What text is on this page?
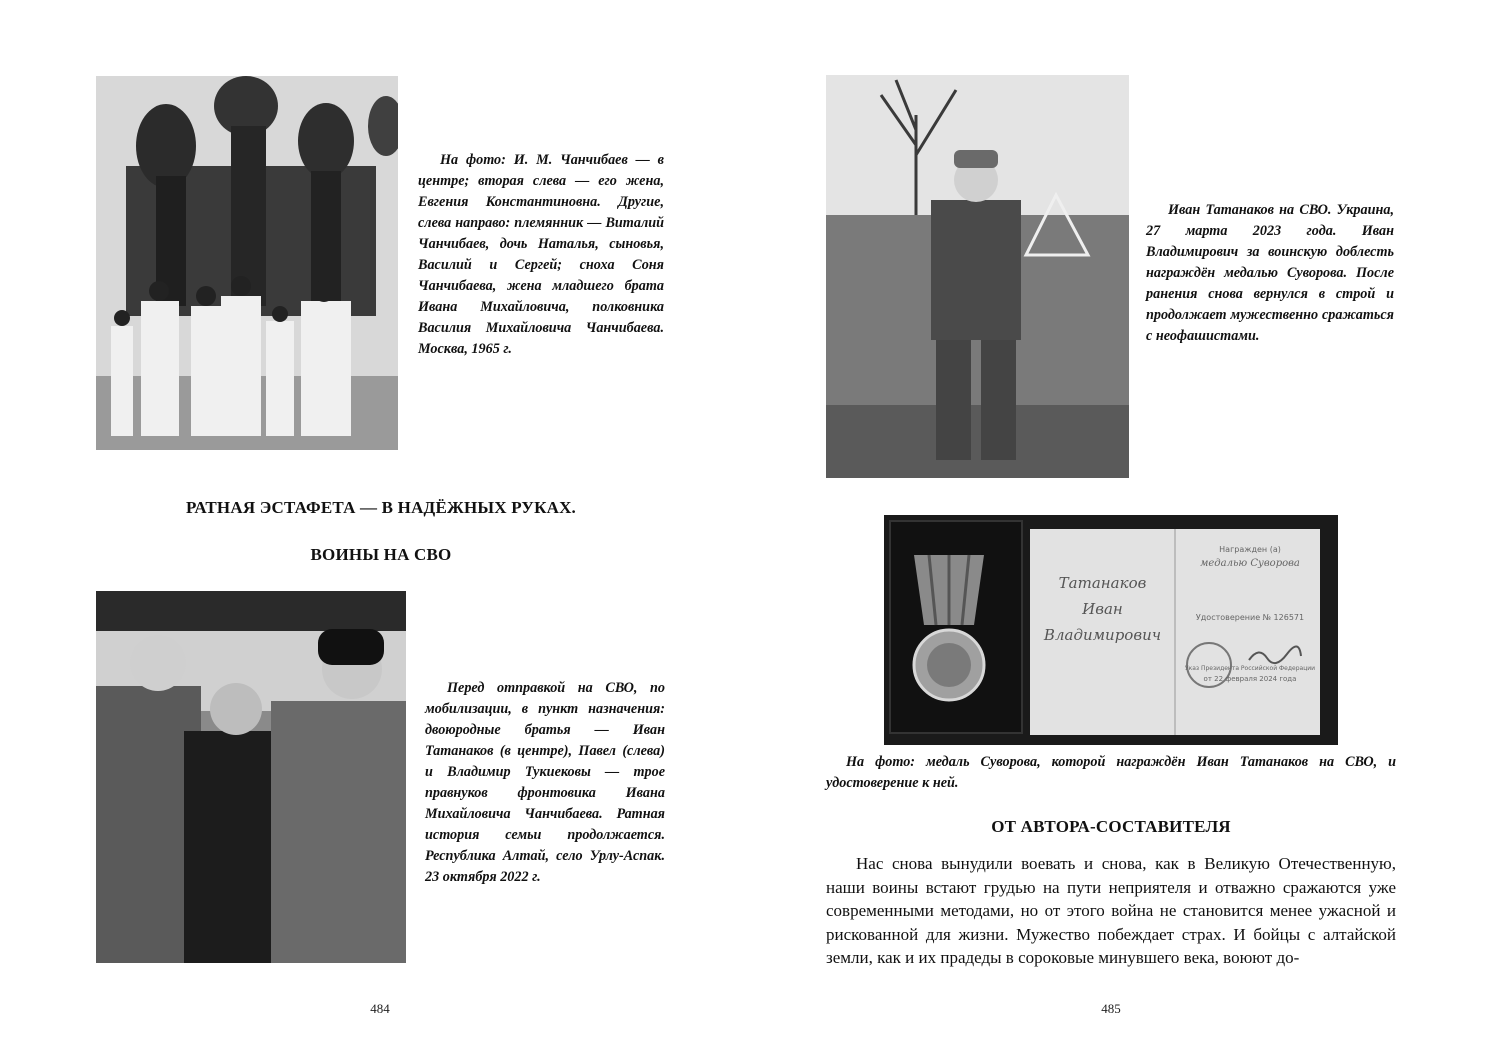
На фото: И. М. Чанчибаев — в центре; вторая слева — его жена, Евгения Константиновна. Другие, слева направо: племянник — Виталий Чанчибаев, дочь Наталья, сыновья, Василий и Сергей; сноха Соня Чанчибаева, жена младшего брата Ивана Михайловича, полковника Василия Михайловича Чанчибаева. Москва, 1965 г.

РАТНАЯ ЭСТАФЕТА — В НАДЁЖНЫХ РУКАХ.
ВОИНЫ НА СВО

Перед отправкой на СВО, по мобилизации, в пункт назначения: двоюродные братья — Иван Татанаков (в центре), Павел (слева) и Владимир Тукиековы — трое правнуков фронтовика Ивана Михайловича Чанчибаева. Ратная история семьи продолжается. Республика Алтай, село Урлу-Аспак. 23 октября 2022 г.

484

Иван Татанаков на СВО. Украина, 27 марта 2023 года. Иван Владимирович за воинскую доблесть награждён медалью Суворова. После ранения снова вернулся в строй и продолжает мужественно сражаться с неофашистами.

Татанаков
Иван
Владимирович
Награжден (а)
медалью Суворова
Удостоверение № 126571
Указ Президента Российской Федерации
от 22 февраля 2024 года

На фото: медаль Суворова, которой награждён Иван Татанаков на СВО, и удостоверение к ней.

ОТ АВТОРА-СОСТАВИТЕЛЯ

Нас снова вынудили воевать и снова, как в Великую Отечественную, наши воины встают грудью на пути неприятеля и отважно сражаются уже современными методами, но от этого война не становится менее ужасной и рискованной для жизни. Мужество побеждает страх. И бойцы с алтайской земли, как и их прадеды в сороковые минувшего века, воюют до-

485
